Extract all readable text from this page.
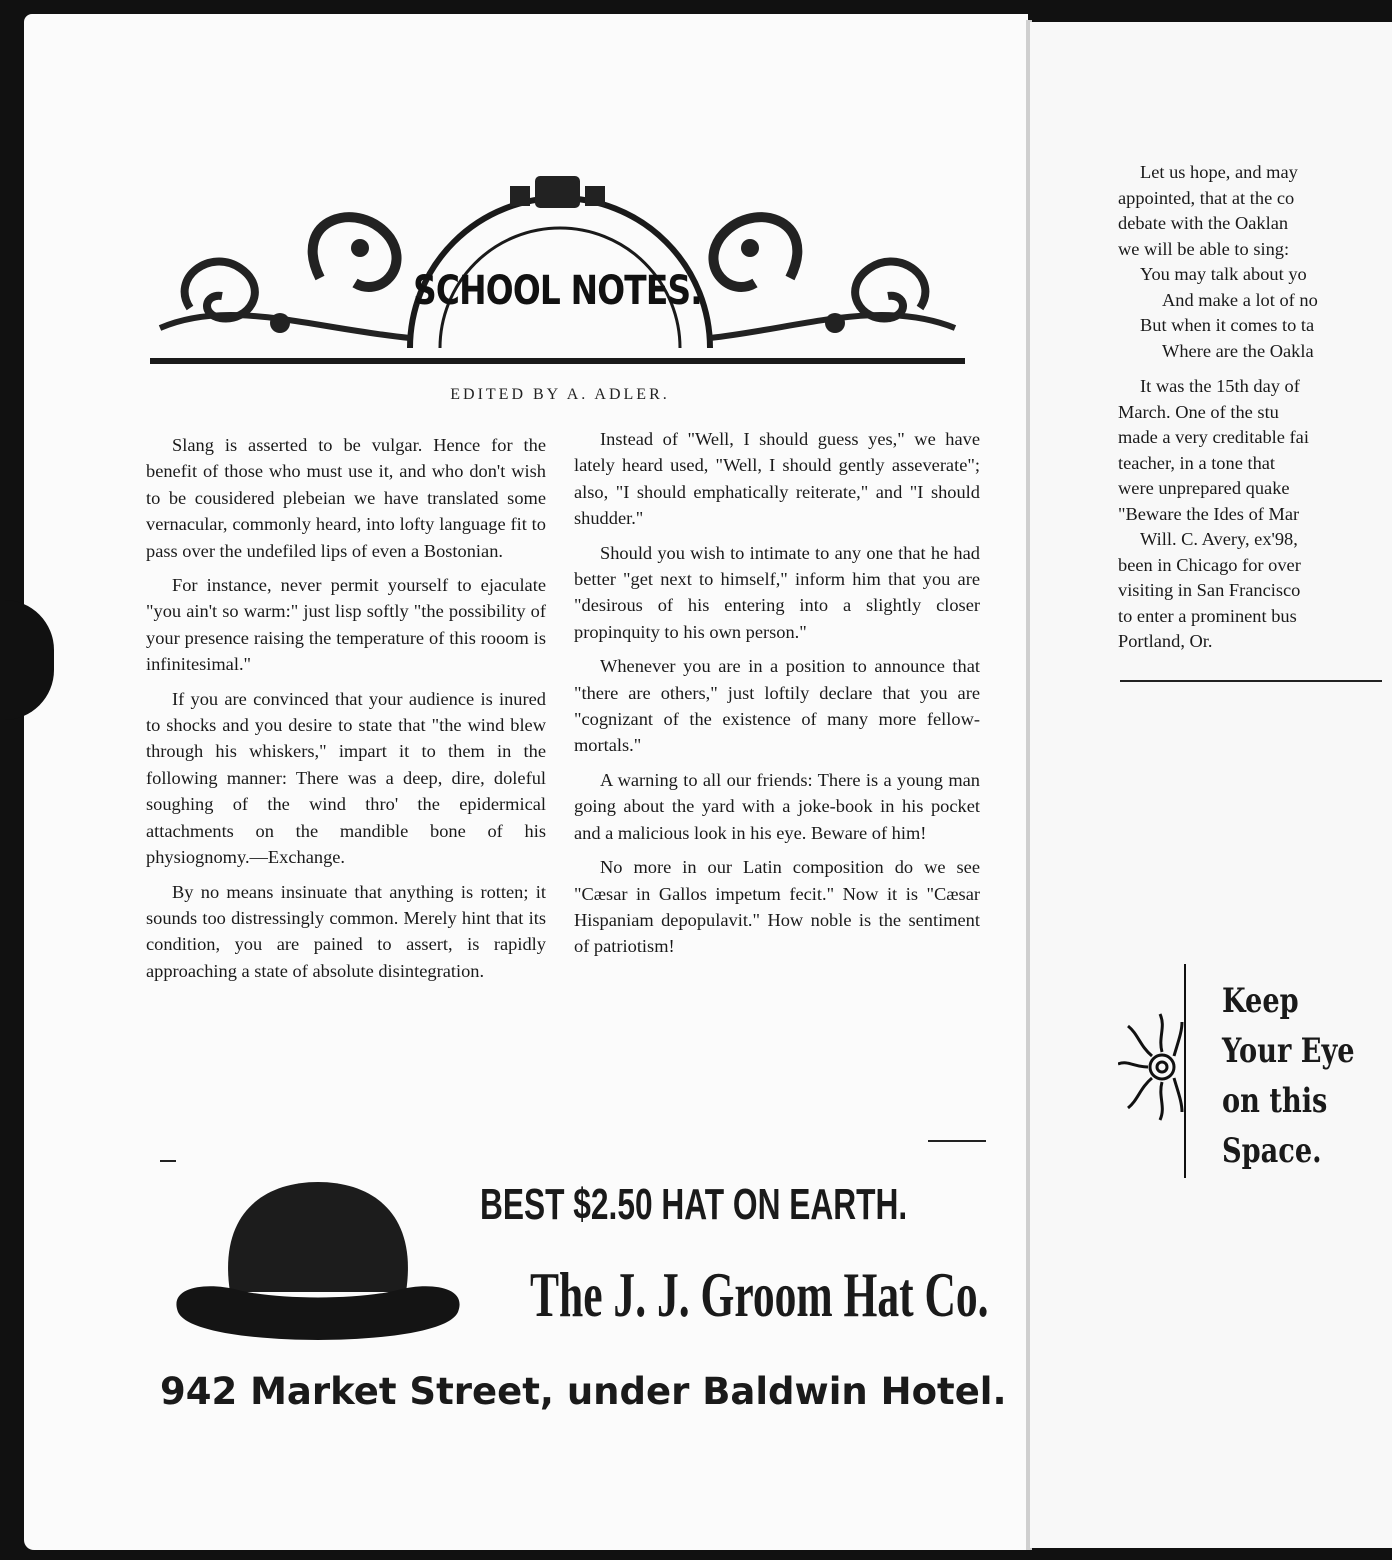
SCHOOL NOTES.
EDITED BY A. ADLER.

Slang is asserted to be vulgar. Hence for the benefit of those who must use it, and who don't wish to be cousidered plebeian we have translated some vernacular, commonly heard, into lofty language fit to pass over the undefiled lips of even a Bostonian.

For instance, never permit yourself to ejaculate "you ain't so warm:" just lisp softly "the possibility of your presence raising the temperature of this rooom is infinitesimal."

If you are convinced that your audience is inured to shocks and you desire to state that "the wind blew through his whiskers," impart it to them in the following manner: There was a deep, dire, doleful soughing of the wind thro' the epidermical attachments on the mandible bone of his physiognomy.—Exchange.

By no means insinuate that anything is rotten; it sounds too distressingly common. Merely hint that its condition, you are pained to assert, is rapidly approaching a state of absolute disintegration.

Instead of "Well, I should guess yes," we have lately heard used, "Well, I should gently asseverate"; also, "I should emphatically reiterate," and "I should shudder."

Should you wish to intimate to any one that he had better "get next to himself," inform him that you are "desirous of his entering into a slightly closer propinquity to his own person."

Whenever you are in a position to announce that "there are others," just loftily declare that you are "cognizant of the existence of many more fellow-mortals."

A warning to all our friends: There is a young man going about the yard with a joke-book in his pocket and a malicious look in his eye. Beware of him!

No more in our Latin composition do we see "Cæsar in Gallos impetum fecit." Now it is "Cæsar Hispaniam depopulavit." How noble is the sentiment of patriotism!

BEST $2.50 HAT ON EARTH.
The J. J. Groom Hat Co.
942 Market Street, under Baldwin Hotel.

Let us hope, and may

appointed, that at the co

debate with the Oaklan

we will be able to sing:

You may talk about yo

And make a lot of no

But when it comes to ta

Where are the Oakla

It was the 15th day of

March. One of the stu

made a very creditable fai

teacher, in a tone that

were unprepared quake

"Beware the Ides of Mar

Will. C. Avery, ex'98,

been in Chicago for over

visiting in San Francisco

to enter a prominent bus

Portland, Or.

Keep
Your Eye
on this
Space.
